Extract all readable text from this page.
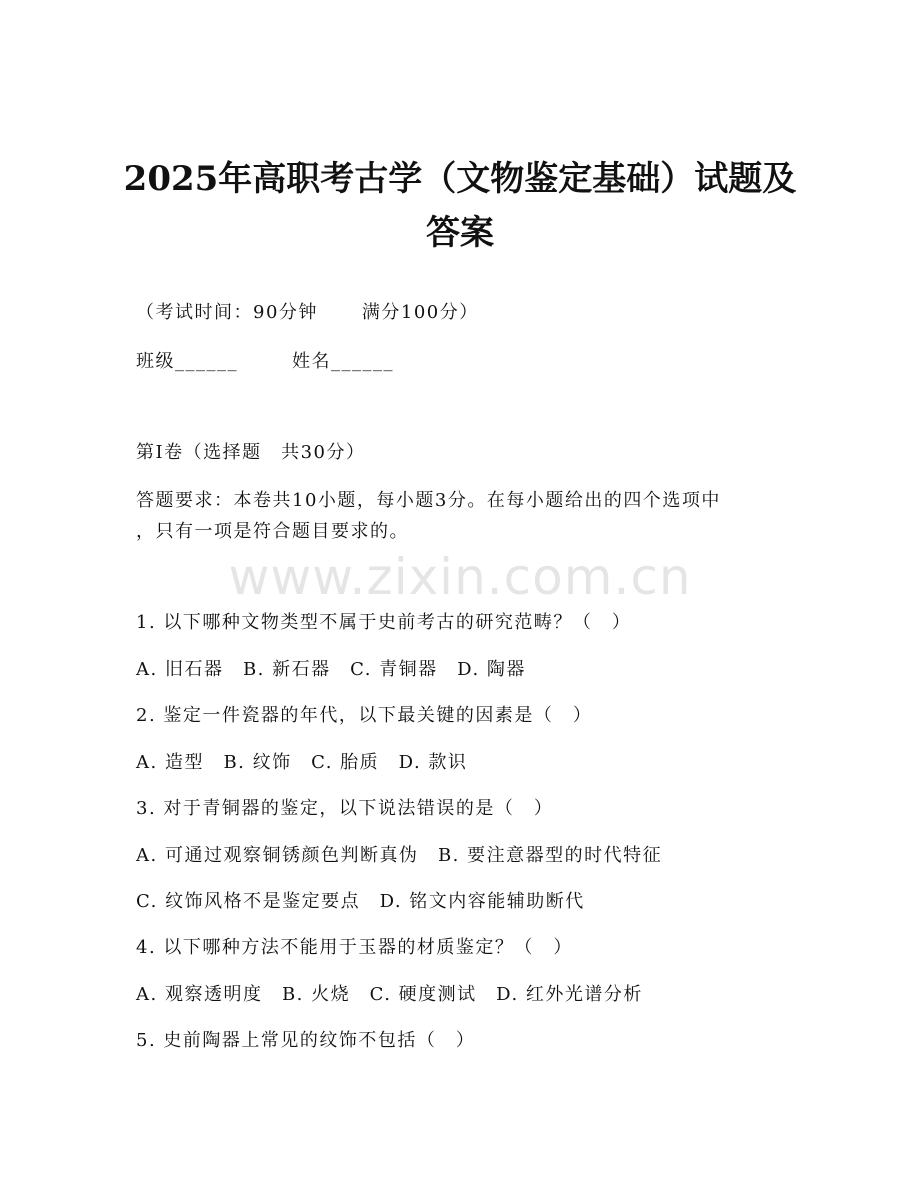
2025年高职考古学（文物鉴定基础）试题及
答案
（考试时间：90分钟 满分100分）
班级______	姓名______
第I卷（选择题　共30分）
答题要求：本卷共10小题，每小题3分。在每小题给出的四个选项中
，只有一项是符合题目要求的。
www.zixin.com.cn
1. 以下哪种文物类型不属于史前考古的研究范畴？（　）
A. 旧石器　B. 新石器　C. 青铜器　D. 陶器
2. 鉴定一件瓷器的年代，以下最关键的因素是（　）
A. 造型　B. 纹饰　C. 胎质　D. 款识
3. 对于青铜器的鉴定，以下说法错误的是（　）
A. 可通过观察铜锈颜色判断真伪　B. 要注意器型的时代特征
C. 纹饰风格不是鉴定要点　D. 铭文内容能辅助断代
4. 以下哪种方法不能用于玉器的材质鉴定？（　）
A. 观察透明度　B. 火烧　C. 硬度测试　D. 红外光谱分析
5. 史前陶器上常见的纹饰不包括（　）
